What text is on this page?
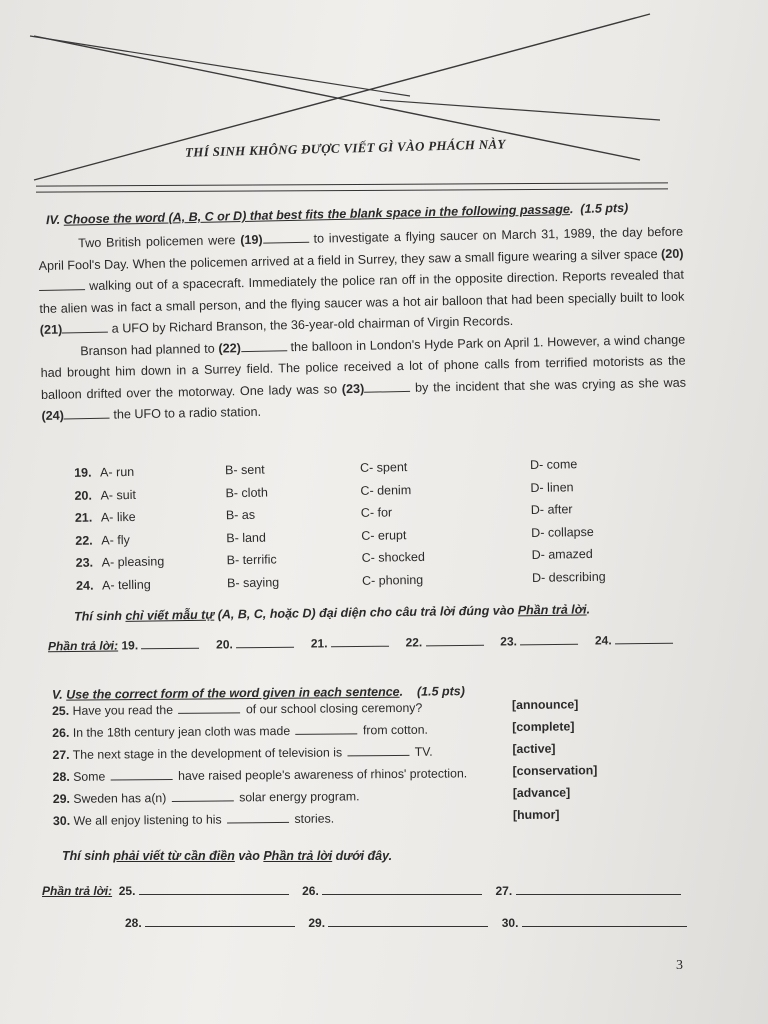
THÍ SINH KHÔNG ĐƯỢC VIẾT GÌ VÀO PHÁCH NÀY
IV. Choose the word (A, B, C or D) that best fits the blank space in the following passage. (1.5 pts)

Two British policemen were (19)	to investigate a flying saucer on March 31, 1989, the day before April Fool's Day. When the policemen arrived at a field in Surrey, they saw a small figure wearing a silver space (20) walking out of a spacecraft. Immediately the police ran off in the opposite direction. Reports revealed that the alien was in fact a small person, and the flying saucer was a hot air balloon that had been specially built to look (21)	a UFO by Richard Branson, the 36-year-old chairman of Virgin Records.

Branson had planned to (22)	the balloon in London's Hyde Park on April 1. However, a wind change had brought him down in a Surrey field. The police received a lot of phone calls from terrified motorists as the balloon drifted over the motorway. One lady was so (23)	by the incident that she was crying as she was (24)	the UFO to a radio station.

19. A- run	B- sent	C- spent	D- come
20. A- suit	B- cloth	C- denim	D- linen
21. A- like	B- as	C- for	D- after
22. A- fly	B- land	C- erupt	D- collapse
23. A- pleasing	B- terrific	C- shocked	D- amazed
24. A- telling	B- saying	C- phoning	D- describing
Thí sinh chỉ viết mẫu tự (A, B, C, hoặc D) đại diện cho câu trả lời đúng vào Phần trả lời.
Phần trả lời: 19.	20.	21.	22.	23.	24.
V. Use the correct form of the word given in each sentence. (1.5 pts)
25. Have you read the	of our school closing ceremony?	[announce]
26. In the 18th century jean cloth was made	from cotton.	[complete]
27. The next stage in the development of television is	TV.	[active]
28. Some	have raised people's awareness of rhinos' protection.	[conservation]
29. Sweden has a(n)	solar energy program.	[advance]
30. We all enjoy listening to his	stories.	[humor]
Thí sinh phải viết từ cần điền vào Phần trả lời dưới đây.
Phần trả lời: 25.	26.	27.
28.	29.	30.
3
